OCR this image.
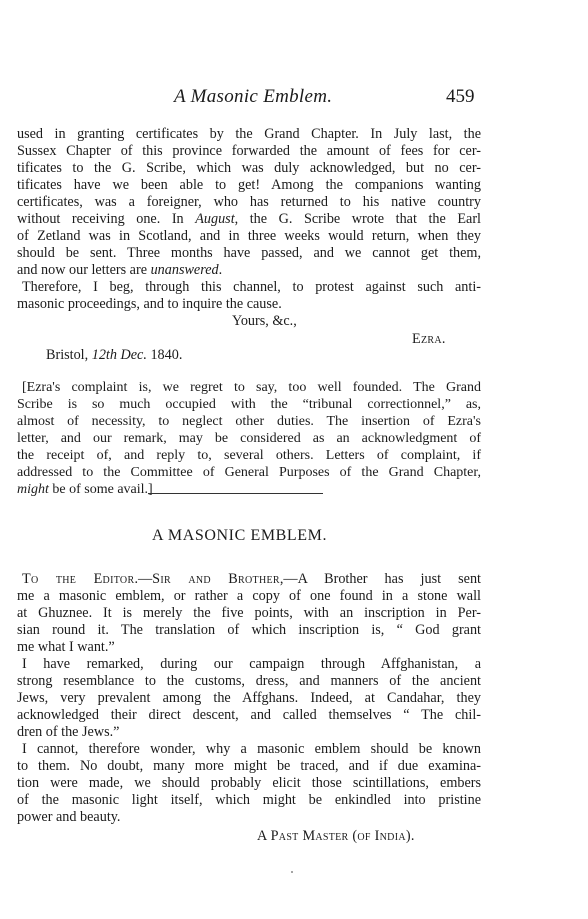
A Masonic Emblem.	459
used in granting certificates by the Grand Chapter. In July last, the
Sussex Chapter of this province forwarded the amount of fees for cer-
tificates to the G. Scribe, which was duly acknowledged, but no cer-
tificates have we been able to get! Among the companions wanting
certificates, was a foreigner, who has returned to his native country
without receiving one. In August, the G. Scribe wrote that the Earl
of Zetland was in Scotland, and in three weeks would return, when they
should be sent. Three months have passed, and we cannot get them,
and now our letters are unanswered.
Therefore, I beg, through this channel, to protest against such anti-
masonic proceedings, and to inquire the cause.
Yours, &c.,
Ezra.
Bristol, 12th Dec. 1840.
[Ezra's complaint is, we regret to say, too well founded. The Grand
Scribe is so much occupied with the “tribunal correctionnel,” as,
almost of necessity, to neglect other duties. The insertion of Ezra's
letter, and our remark, may be considered as an acknowledgment of
the receipt of, and reply to, several others. Letters of complaint, if
addressed to the Committee of General Purposes of the Grand Chapter,
might be of some avail.]
A MASONIC EMBLEM.
To the Editor.—Sir and Brother,—A Brother has just sent
me a masonic emblem, or rather a copy of one found in a stone wall
at Ghuznee. It is merely the five points, with an inscription in Per-
sian round it. The translation of which inscription is, “ God grant
me what I want.”
I have remarked, during our campaign through Affghanistan, a
strong resemblance to the customs, dress, and manners of the ancient
Jews, very prevalent among the Affghans. Indeed, at Candahar, they
acknowledged their direct descent, and called themselves “ The chil-
dren of the Jews.”
I cannot, therefore wonder, why a masonic emblem should be known
to them. No doubt, many more might be traced, and if due examina-
tion were made, we should probably elicit those scintillations, embers
of the masonic light itself, which might be enkindled into pristine
power and beauty.
A Past Master (of India).
